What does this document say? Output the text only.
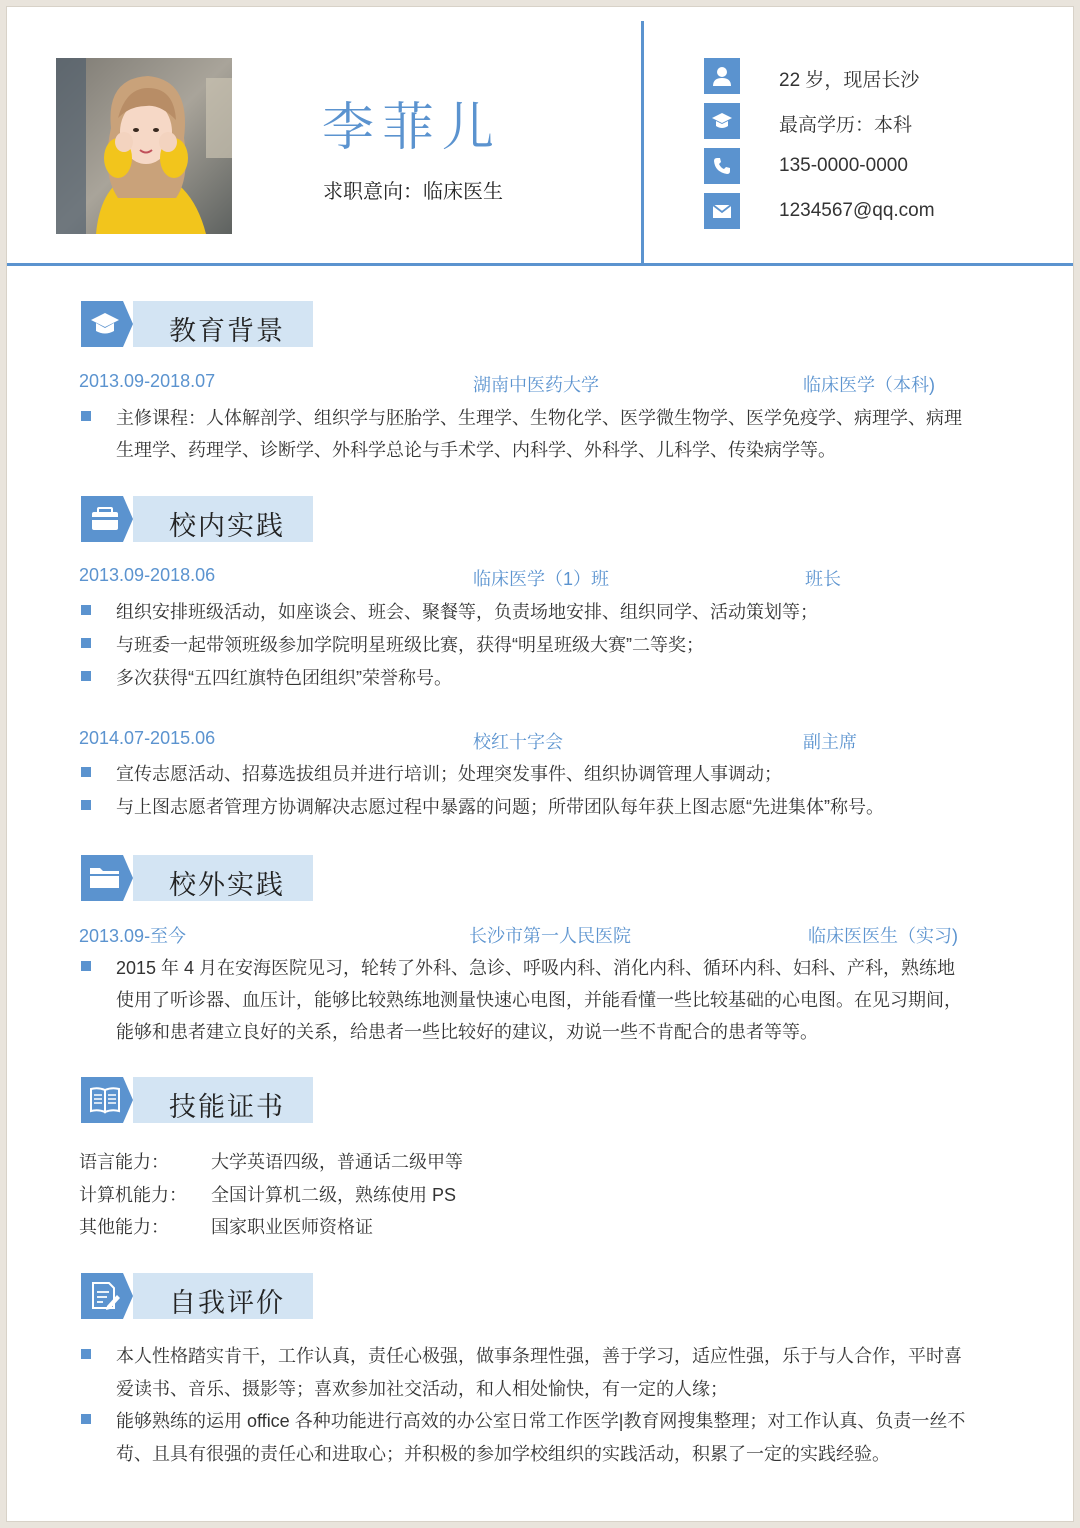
李菲儿
求职意向：临床医生
22 岁，现居长沙
最高学历：本科
135-0000-0000
1234567@qq.com
教育背景
2013.09-2018.07	湖南中医药大学	临床医学（本科)
主修课程：人体解剖学、组织学与胚胎学、生理学、生物化学、医学微生物学、医学免疫学、病理学、病理
生理学、药理学、诊断学、外科学总论与手术学、内科学、外科学、儿科学、传染病学等。
校内实践
2013.09-2018.06	临床医学（1）班	班长
组织安排班级活动，如座谈会、班会、聚餐等，负责场地安排、组织同学、活动策划等；
与班委一起带领班级参加学院明星班级比赛，获得“明星班级大赛”二等奖；
多次获得“五四红旗特色团组织”荣誉称号。
2014.07-2015.06	校红十字会	副主席
宣传志愿活动、招募选拔组员并进行培训；处理突发事件、组织协调管理人事调动；
与上图志愿者管理方协调解决志愿过程中暴露的问题；所带团队每年获上图志愿“先进集体”称号。
校外实践
2013.09-至今	长沙市第一人民医院	临床医医生（实习)
2015 年 4 月在安海医院见习，轮转了外科、急诊、呼吸内科、消化内科、循环内科、妇科、产科，熟练地
使用了听诊器、血压计，能够比较熟练地测量快速心电图，并能看懂一些比较基础的心电图。在见习期间，
能够和患者建立良好的关系，给患者一些比较好的建议，劝说一些不肯配合的患者等等。
技能证书
语言能力： 大学英语四级，普通话二级甲等
计算机能力： 全国计算机二级，熟练使用 PS
其他能力： 国家职业医师资格证
自我评价
本人性格踏实肯干，工作认真，责任心极强，做事条理性强，善于学习，适应性强，乐于与人合作，平时喜
爱读书、音乐、摄影等；喜欢参加社交活动，和人相处愉快，有一定的人缘；
能够熟练的运用 office 各种功能进行高效的办公室日常工作医学|教育网搜集整理；对工作认真、负责一丝不
苟、且具有很强的责任心和进取心；并积极的参加学校组织的实践活动，积累了一定的实践经验。
